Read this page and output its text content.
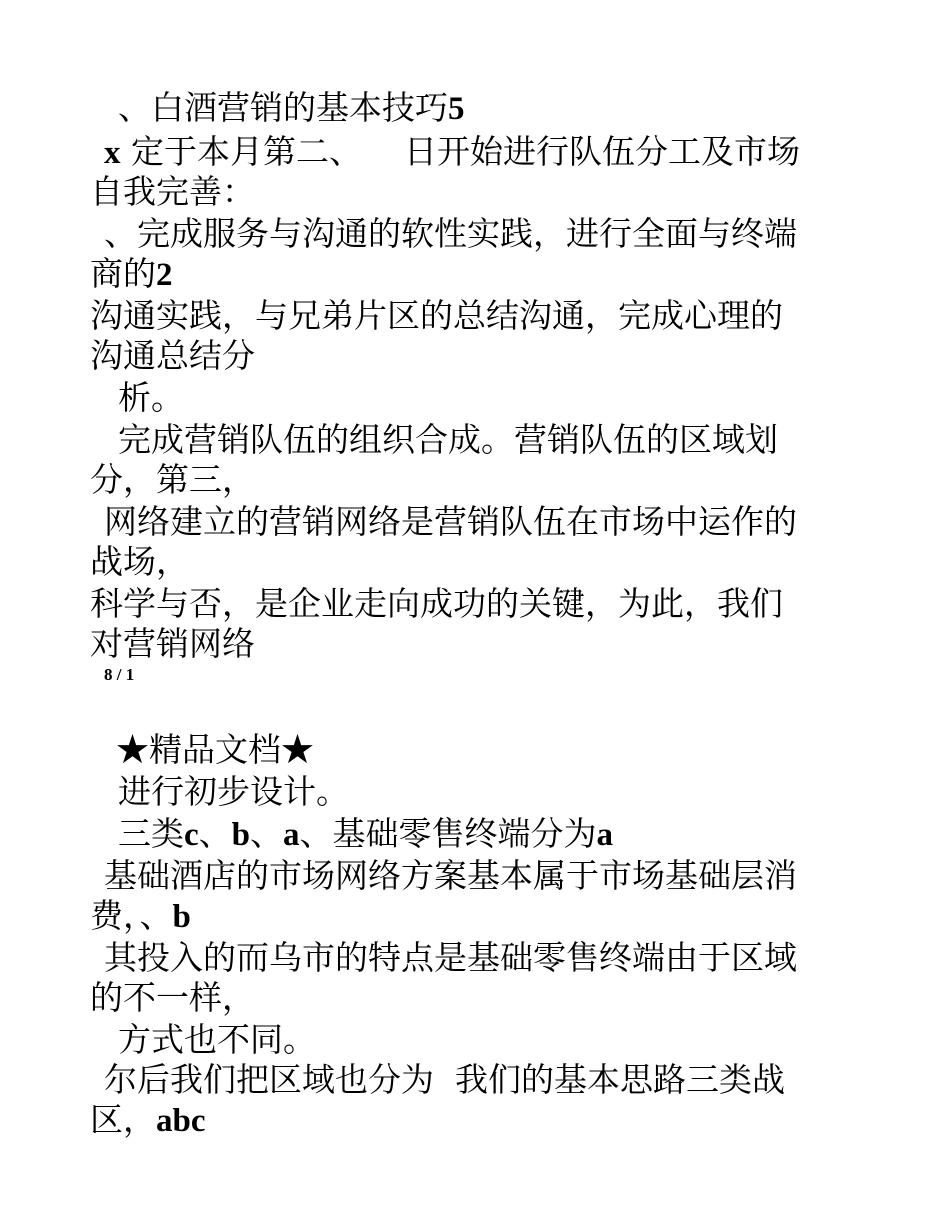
、白酒营销的基本技巧5
x 定于本月第二、 日开始进行队伍分工及市场
自我完善：
、完成服务与沟通的软性实践，进行全面与终端
商的2
沟通实践，与兄弟片区的总结沟通，完成心理的
沟通总结分
析。
完成营销队伍的组织合成。营销队伍的区域划
分，第三，
网络建立的营销网络是营销队伍在市场中运作的
战场，
科学与否，是企业走向成功的关键，为此，我们
对营销网络
8 / 1
★精品文档★
进行初步设计。
三类c、b、a、基础零售终端分为a
基础酒店的市场网络方案基本属于市场基础层消
费，、b
其投入的而乌市的特点是基础零售终端由于区域
的不一样，
方式也不同。
尔后我们把区域也分为  我们的基本思路三类战
区，abc
